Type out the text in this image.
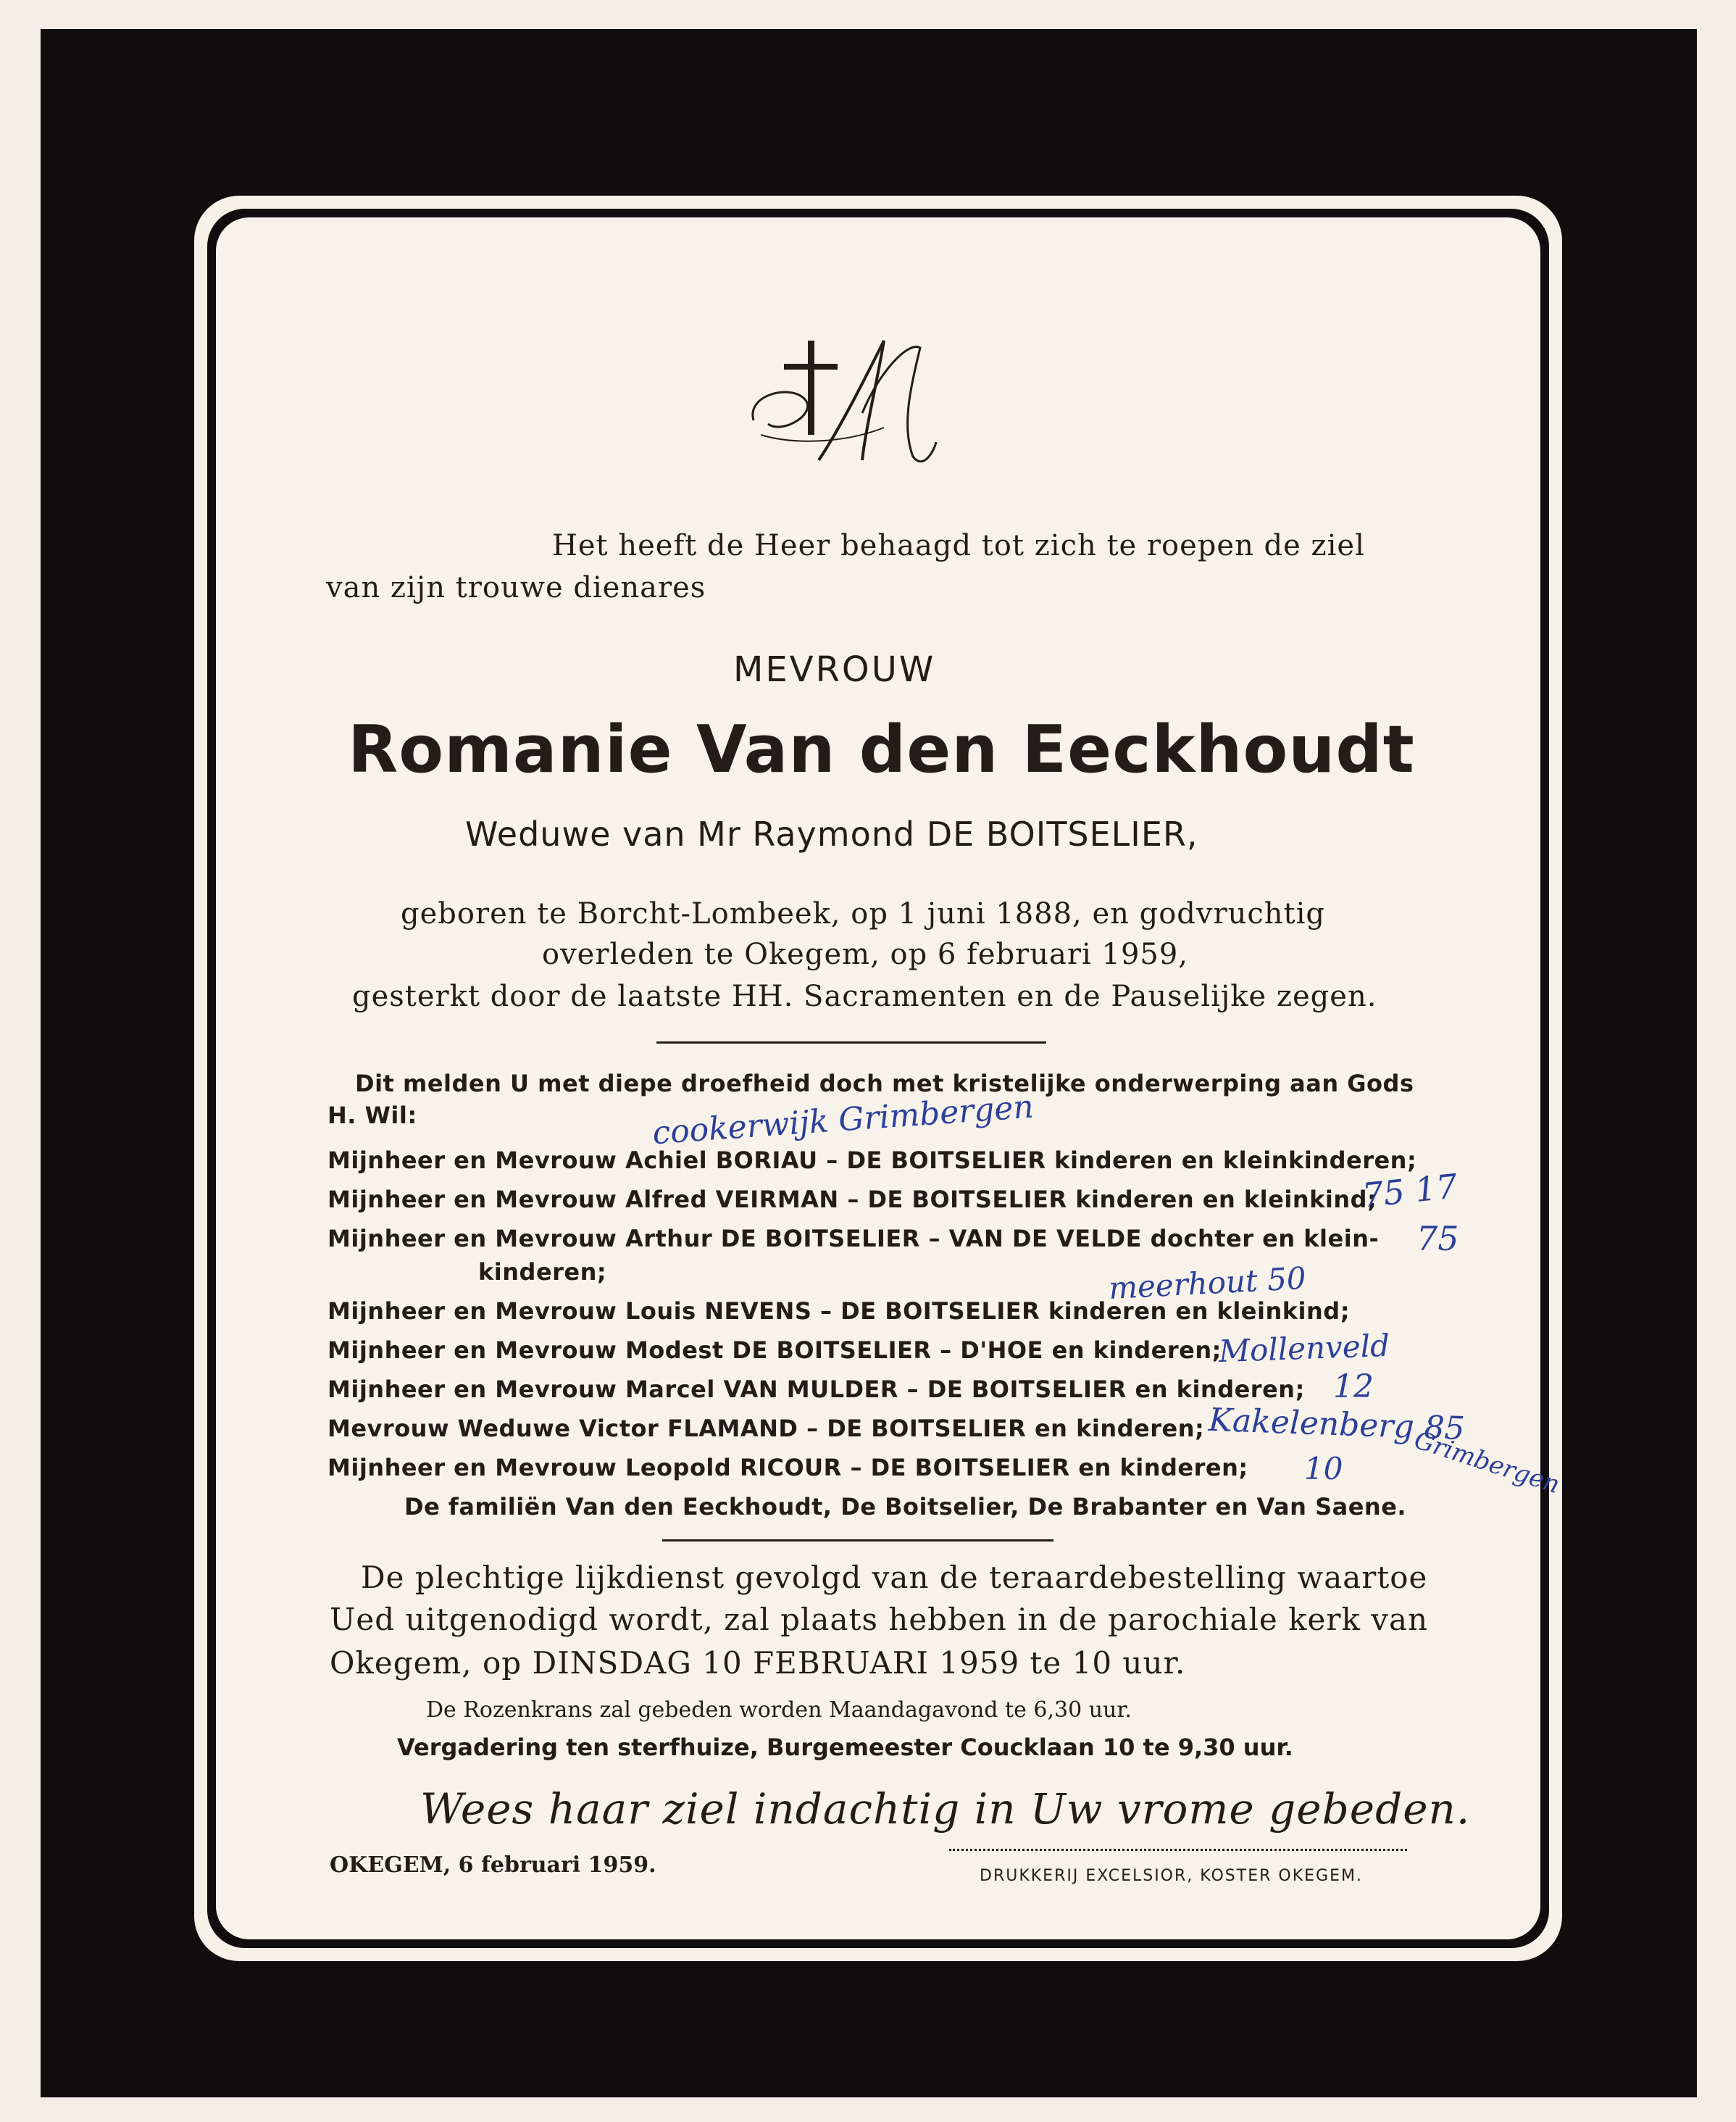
Het heeft de Heer behaagd tot zich te roepen de ziel
van zijn trouwe dienares
MEVROUW
Romanie Van den Eeckhoudt
Weduwe van Mr Raymond DE BOITSELIER,
geboren te Borcht-Lombeek, op 1 juni 1888, en godvruchtig
overleden te Okegem, op 6 februari 1959,
gesterkt door de laatste HH. Sacramenten en de Pauselijke zegen.
Dit melden U met diepe droefheid doch met kristelijke onderwerping aan Gods
H. Wil:
Mijnheer en Mevrouw Achiel BORIAU – DE BOITSELIER kinderen en kleinkinderen;
Mijnheer en Mevrouw Alfred VEIRMAN – DE BOITSELIER kinderen en kleinkind;
Mijnheer en Mevrouw Arthur DE BOITSELIER – VAN DE VELDE dochter en klein-
kinderen;
Mijnheer en Mevrouw Louis NEVENS – DE BOITSELIER kinderen en kleinkind;
Mijnheer en Mevrouw Modest DE BOITSELIER – D'HOE en kinderen;
Mijnheer en Mevrouw Marcel VAN MULDER – DE BOITSELIER en kinderen;
Mevrouw Weduwe Victor FLAMAND – DE BOITSELIER en kinderen;
Mijnheer en Mevrouw Leopold RICOUR – DE BOITSELIER en kinderen;
De familiën Van den Eeckhoudt, De Boitselier, De Brabanter en Van Saene.
De plechtige lijkdienst gevolgd van de teraardebestelling waartoe
Ued uitgenodigd wordt, zal plaats hebben in de parochiale kerk van
Okegem, op DINSDAG 10 FEBRUARI 1959 te 10 uur.
De Rozenkrans zal gebeden worden Maandagavond te 6,30 uur.
Vergadering ten sterfhuize, Burgemeester Coucklaan 10 te 9,30 uur.
Wees haar ziel indachtig in Uw vrome gebeden.
OKEGEM, 6 februari 1959.	DRUKKERIJ EXCELSIOR, KOSTER OKEGEM.
cookerwijk Grimbergen
75 17
75
meerhout 50
Mollenveld
12
Kakelenberg 85
10	Grimbergen
